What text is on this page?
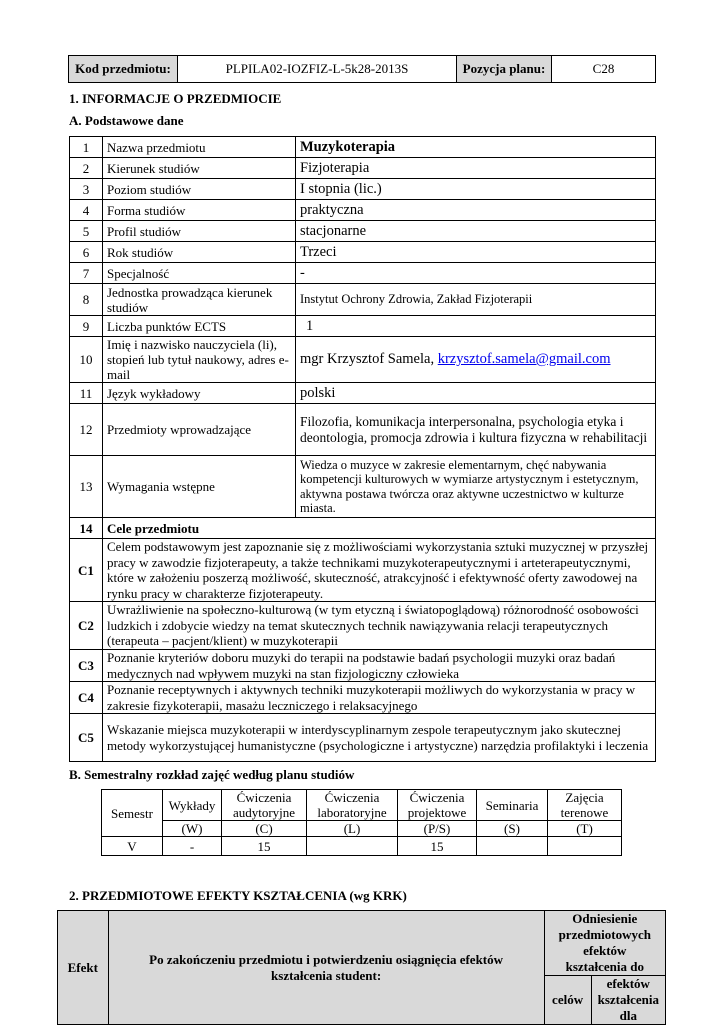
Kod przedmiotu:	PLPILA02-IOZFIZ-L-5k28-2013S	Pozycja planu:	C28
1. INFORMACJE O PRZEDMIOCIE
A. Podstawowe dane
1	Nazwa przedmiotu	Muzykoterapia
2	Kierunek studiów	Fizjoterapia
3	Poziom studiów	I stopnia (lic.)
4	Forma studiów	praktyczna
5	Profil studiów	stacjonarne
6	Rok studiów	Trzeci
7	Specjalność	-
8	Jednostka prowadząca kierunek studiów	Instytut Ochrony Zdrowia, Zakład Fizjoterapii
9	Liczba punktów ECTS	1
10	Imię i nazwisko nauczyciela (li), stopień lub tytuł naukowy, adres e-mail	mgr Krzysztof Samela, krzysztof.samela@gmail.com
11	Język wykładowy	polski
12	Przedmioty wprowadzające	Filozofia, komunikacja interpersonalna, psychologia etyka i deontologia, promocja zdrowia i kultura fizyczna w rehabilitacji
13	Wymagania wstępne	Wiedza o muzyce w zakresie elementarnym, chęć nabywania kompetencji kulturowych w wymiarze artystycznym i estetycznym, aktywna postawa twórcza oraz aktywne uczestnictwo w kulturze miasta.
14	Cele przedmiotu	
C1	Celem podstawowym jest zapoznanie się z możliwościami wykorzystania sztuki muzycznej w przyszłej pracy w zawodzie fizjoterapeuty, a także technikami muzykoterapeutycznymi i arteterapeutycznymi, które w założeniu poszerzą możliwość, skuteczność, atrakcyjność i efektywność oferty zawodowej na rynku pracy w charakterze fizjoterapeuty.	
C2	Uwrażliwienie na społeczno-kulturową (w tym etyczną i światopoglądową) różnorodność osobowości ludzkich i zdobycie wiedzy na temat skutecznych technik nawiązywania relacji terapeutycznych (terapeuta – pacjent/klient) w muzykoterapii	
C3	Poznanie kryteriów doboru muzyki do terapii na podstawie badań psychologii muzyki oraz badań medycznych nad wpływem muzyki na stan fizjologiczny człowieka	
C4	Poznanie receptywnych i aktywnych techniki muzykoterapii możliwych do wykorzystania w pracy w zakresie fizykoterapii, masażu leczniczego i relaksacyjnego	
C5	Wskazanie miejsca muzykoterapii w interdyscyplinarnym zespole terapeutycznym jako skutecznej metody wykorzystującej humanistyczne (psychologiczne i artystyczne) narzędzia profilaktyki i leczenia	
B. Semestralny rozkład zajęć według planu studiów
Semestr	Wykłady	Ćwiczenia audytoryjne	Ćwiczenia laboratoryjne	Ćwiczenia projektowe	Seminaria	Zajęcia terenowe
	(W)	(C)	(L)	(P/S)	(S)	(T)
V	-	15		15		
2. PRZEDMIOTOWE EFEKTY KSZTAŁCENIA (wg KRK)
Efekt	Po zakończeniu przedmiotu i potwierdzeniu osiągnięcia efektów kształcenia student:	Odniesienie przedmiotowych efektów kształcenia do	
		celów	efektów kształcenia dla
